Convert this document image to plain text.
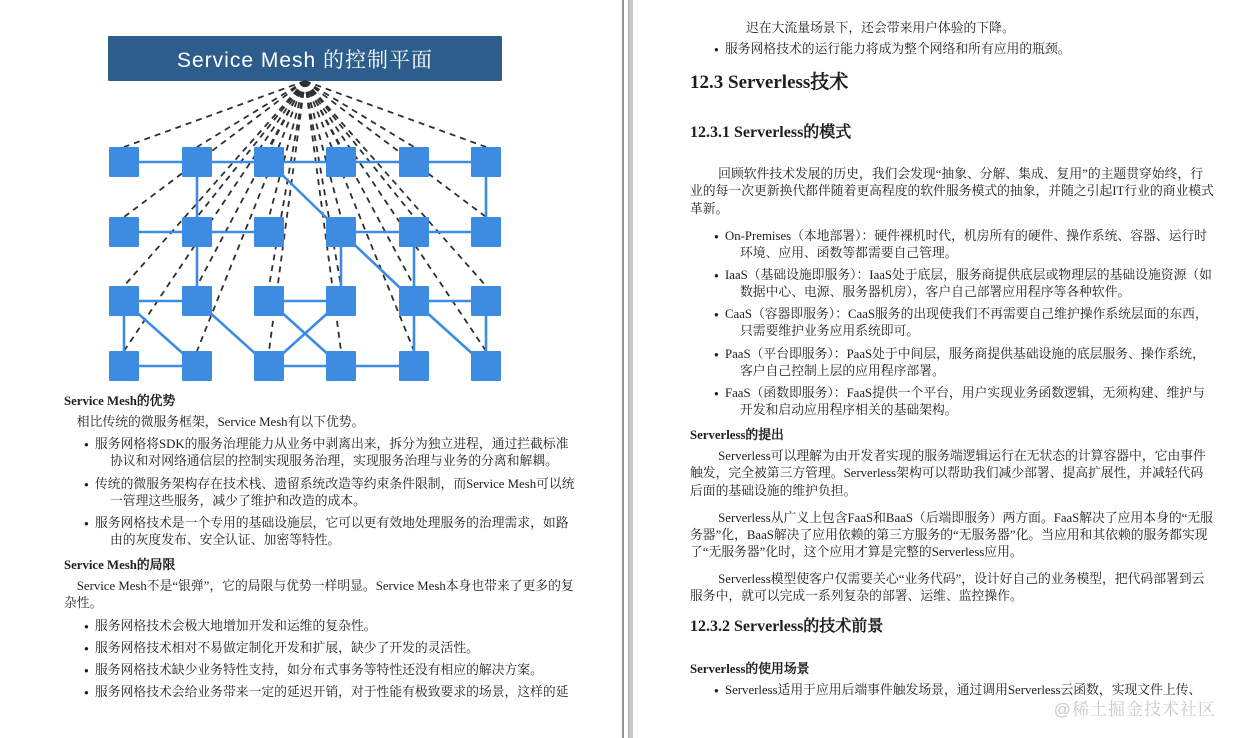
Service Mesh 的控制平面
Service Mesh的优势
相比传统的微服务框架，Service Mesh有以下优势。
● 服务网格将SDK的服务治理能力从业务中剥离出来，拆分为独立进程，通过拦截标准协议和对网络通信层的控制实现服务治理，实现服务治理与业务的分离和解耦。
● 传统的微服务架构存在技术栈、遗留系统改造等约束条件限制，而Service Mesh可以统一管理这些服务，减少了维护和改造的成本。
● 服务网格技术是一个专用的基础设施层，它可以更有效地处理服务的治理需求，如路由的灰度发布、安全认证、加密等特性。
Service Mesh的局限
Service Mesh不是“银弹”，它的局限与优势一样明显。Service Mesh本身也带来了更多的复杂性。
● 服务网格技术会极大地增加开发和运维的复杂性。
● 服务网格技术相对不易做定制化开发和扩展，缺少了开发的灵活性。
● 服务网格技术缺少业务特性支持，如分布式事务等特性还没有相应的解决方案。
● 服务网格技术会给业务带来一定的延迟开销，对于性能有极致要求的场景，这样的延
迟在大流量场景下，还会带来用户体验的下降。
● 服务网格技术的运行能力将成为整个网络和所有应用的瓶颈。
12.3 Serverless技术
12.3.1 Serverless的模式
回顾软件技术发展的历史，我们会发现“抽象、分解、集成、复用”的主题贯穿始终，行业的每一次更新换代都伴随着更高程度的软件服务模式的抽象，并随之引起IT行业的商业模式革新。
● On-Premises（本地部署）：硬件裸机时代，机房所有的硬件、操作系统、容器、运行时环境、应用、函数等都需要自己管理。
● IaaS（基础设施即服务）：IaaS处于底层，服务商提供底层或物理层的基础设施资源（如数据中心、电源、服务器机房），客户自己部署应用程序等各种软件。
● CaaS（容器即服务）：CaaS服务的出现使我们不再需要自己维护操作系统层面的东西，只需要维护业务应用系统即可。
● PaaS（平台即服务）：PaaS处于中间层，服务商提供基础设施的底层服务、操作系统，客户自己控制上层的应用程序部署。
● FaaS（函数即服务）：FaaS提供一个平台，用户实现业务函数逻辑，无须构建、维护与开发和启动应用程序相关的基础架构。
Serverless的提出
Serverless可以理解为由开发者实现的服务端逻辑运行在无状态的计算容器中，它由事件触发，完全被第三方管理。Serverless架构可以帮助我们减少部署、提高扩展性，并减轻代码后面的基础设施的维护负担。
Serverless从广义上包含FaaS和BaaS（后端即服务）两方面。FaaS解决了应用本身的“无服务器”化，BaaS解决了应用依赖的第三方服务的“无服务器”化。当应用和其依赖的服务都实现了“无服务器”化时，这个应用才算是完整的Serverless应用。
Serverless模型使客户仅需要关心“业务代码”，设计好自己的业务模型，把代码部署到云服务中，就可以完成一系列复杂的部署、运维、监控操作。
12.3.2 Serverless的技术前景
Serverless的使用场景
● Serverless适用于应用后端事件触发场景，通过调用Serverless云函数，实现文件上传、
@稀土掘金技术社区
